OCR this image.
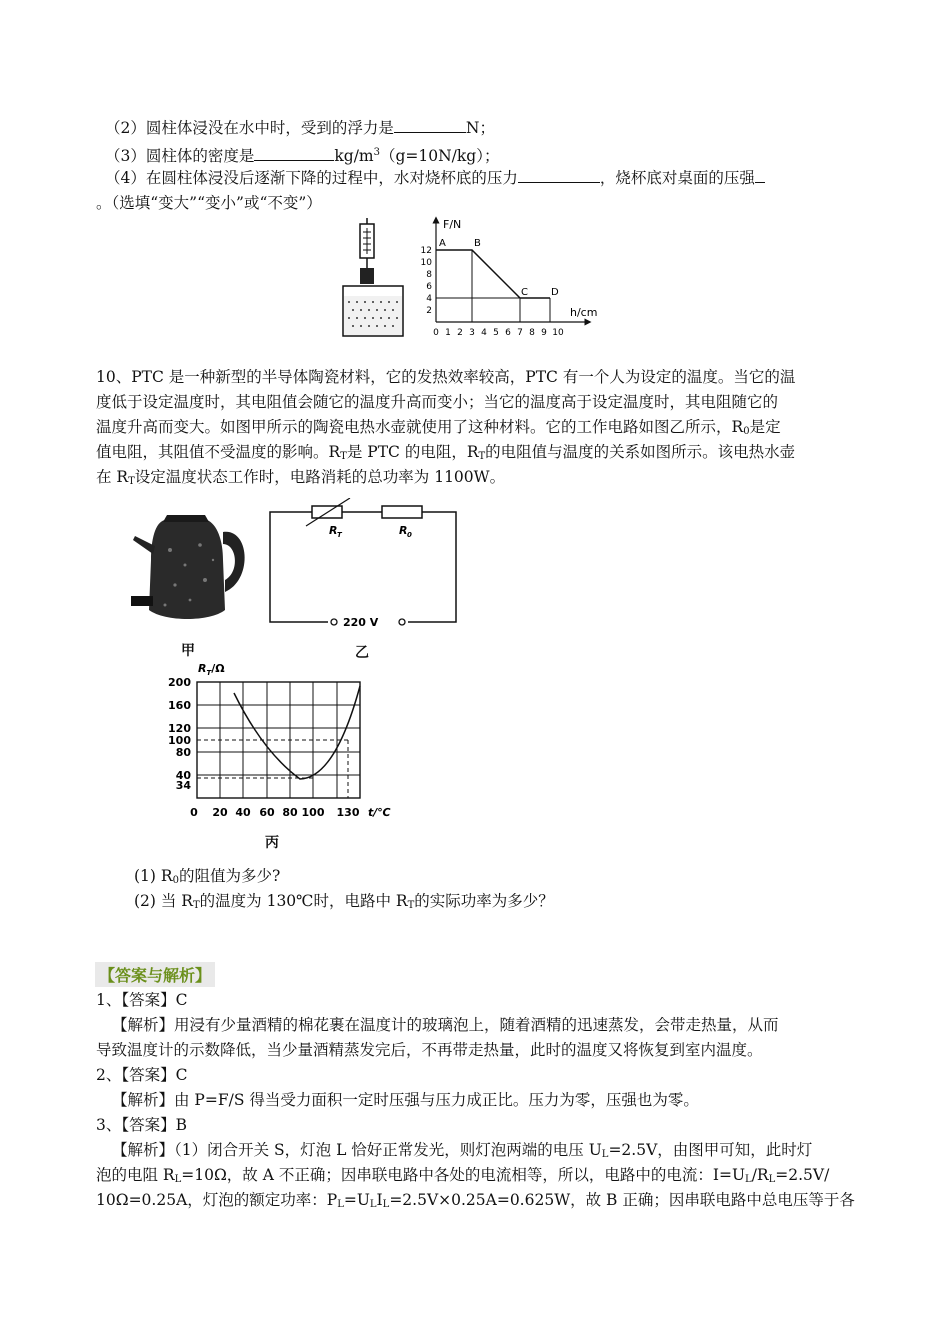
（2）圆柱体浸没在水中时，受到的浮力是	N；
（3）圆柱体的密度是	$kg/m^3(g=10N/kg)$；
（4）在圆柱体浸没后逐渐下降的过程中，水对烧杯底的压力	，烧杯底对桌面的压强
。（选填“变大”“变小”或“不变”）
F/N
h/cm
12
10
8
6
4
2
0 1 2 3 4 5 6 7 8 9 10
A	B
C D
10、PTC 是一种新型的半导体陶瓷材料，它的发热效率较高，PTC 有一个人为设定的温度。当它的温
度低于设定温度时，其电阻值会随它的温度升高而变小；当它的温度高于设定温度时，其电阻随它的
温度升高而变大。如图甲所示的陶瓷电热水壶就使用了这种材料。它的工作电路如图乙所示，$R_0$是定
值电阻，其阻值不受温度的影响。$R_T$是 PTC 的电阻，$R_T$的电阻值与温度的关系如图所示。该电热水壶
在 $R_T$设定温度状态工作时，电路消耗的总功率为 1100W。
甲
R T	R 0
220 V
乙
$R_T/\Omega$
200
160
120
100
80
40
34
0 20 40 60 80 100 130 t/℃
丙
(1) $R_0$的阻值为多少?
(2) 当 $R_T$的温度为 130℃时，电路中 $R_T$的实际功率为多少？
【答案与解析】
1、【答案】C
【解析】用浸有少量酒精的棉花裹在温度计的玻璃泡上，随着酒精的迅速蒸发，会带走热量，从而
导致温度计的示数降低，当少量酒精蒸发完后，不再带走热量，此时的温度又将恢复到室内温度。
2、【答案】C
【解析】由 P=F/S 得当受力面积一定时压强与压力成正比。压力为零，压强也为零。
3、【答案】B
【解析】（1）闭合开关 S，灯泡 L 恰好正常发光，则灯泡两端的电压 $U_L=2.5V$，由图甲可知，此时灯
泡的电阻 $R_L=10\Omega$，故 A 不正确；因串联电路中各处的电流相等，所以，电路中的电流：$I=U_L/R_L=2.5V/$
10Ω=0.25A，灯泡的额定功率：$P_L=U_LI_L=2.5V\times 0.25A=0.625W$，故 B 正确；因串联电路中总电压等于各
